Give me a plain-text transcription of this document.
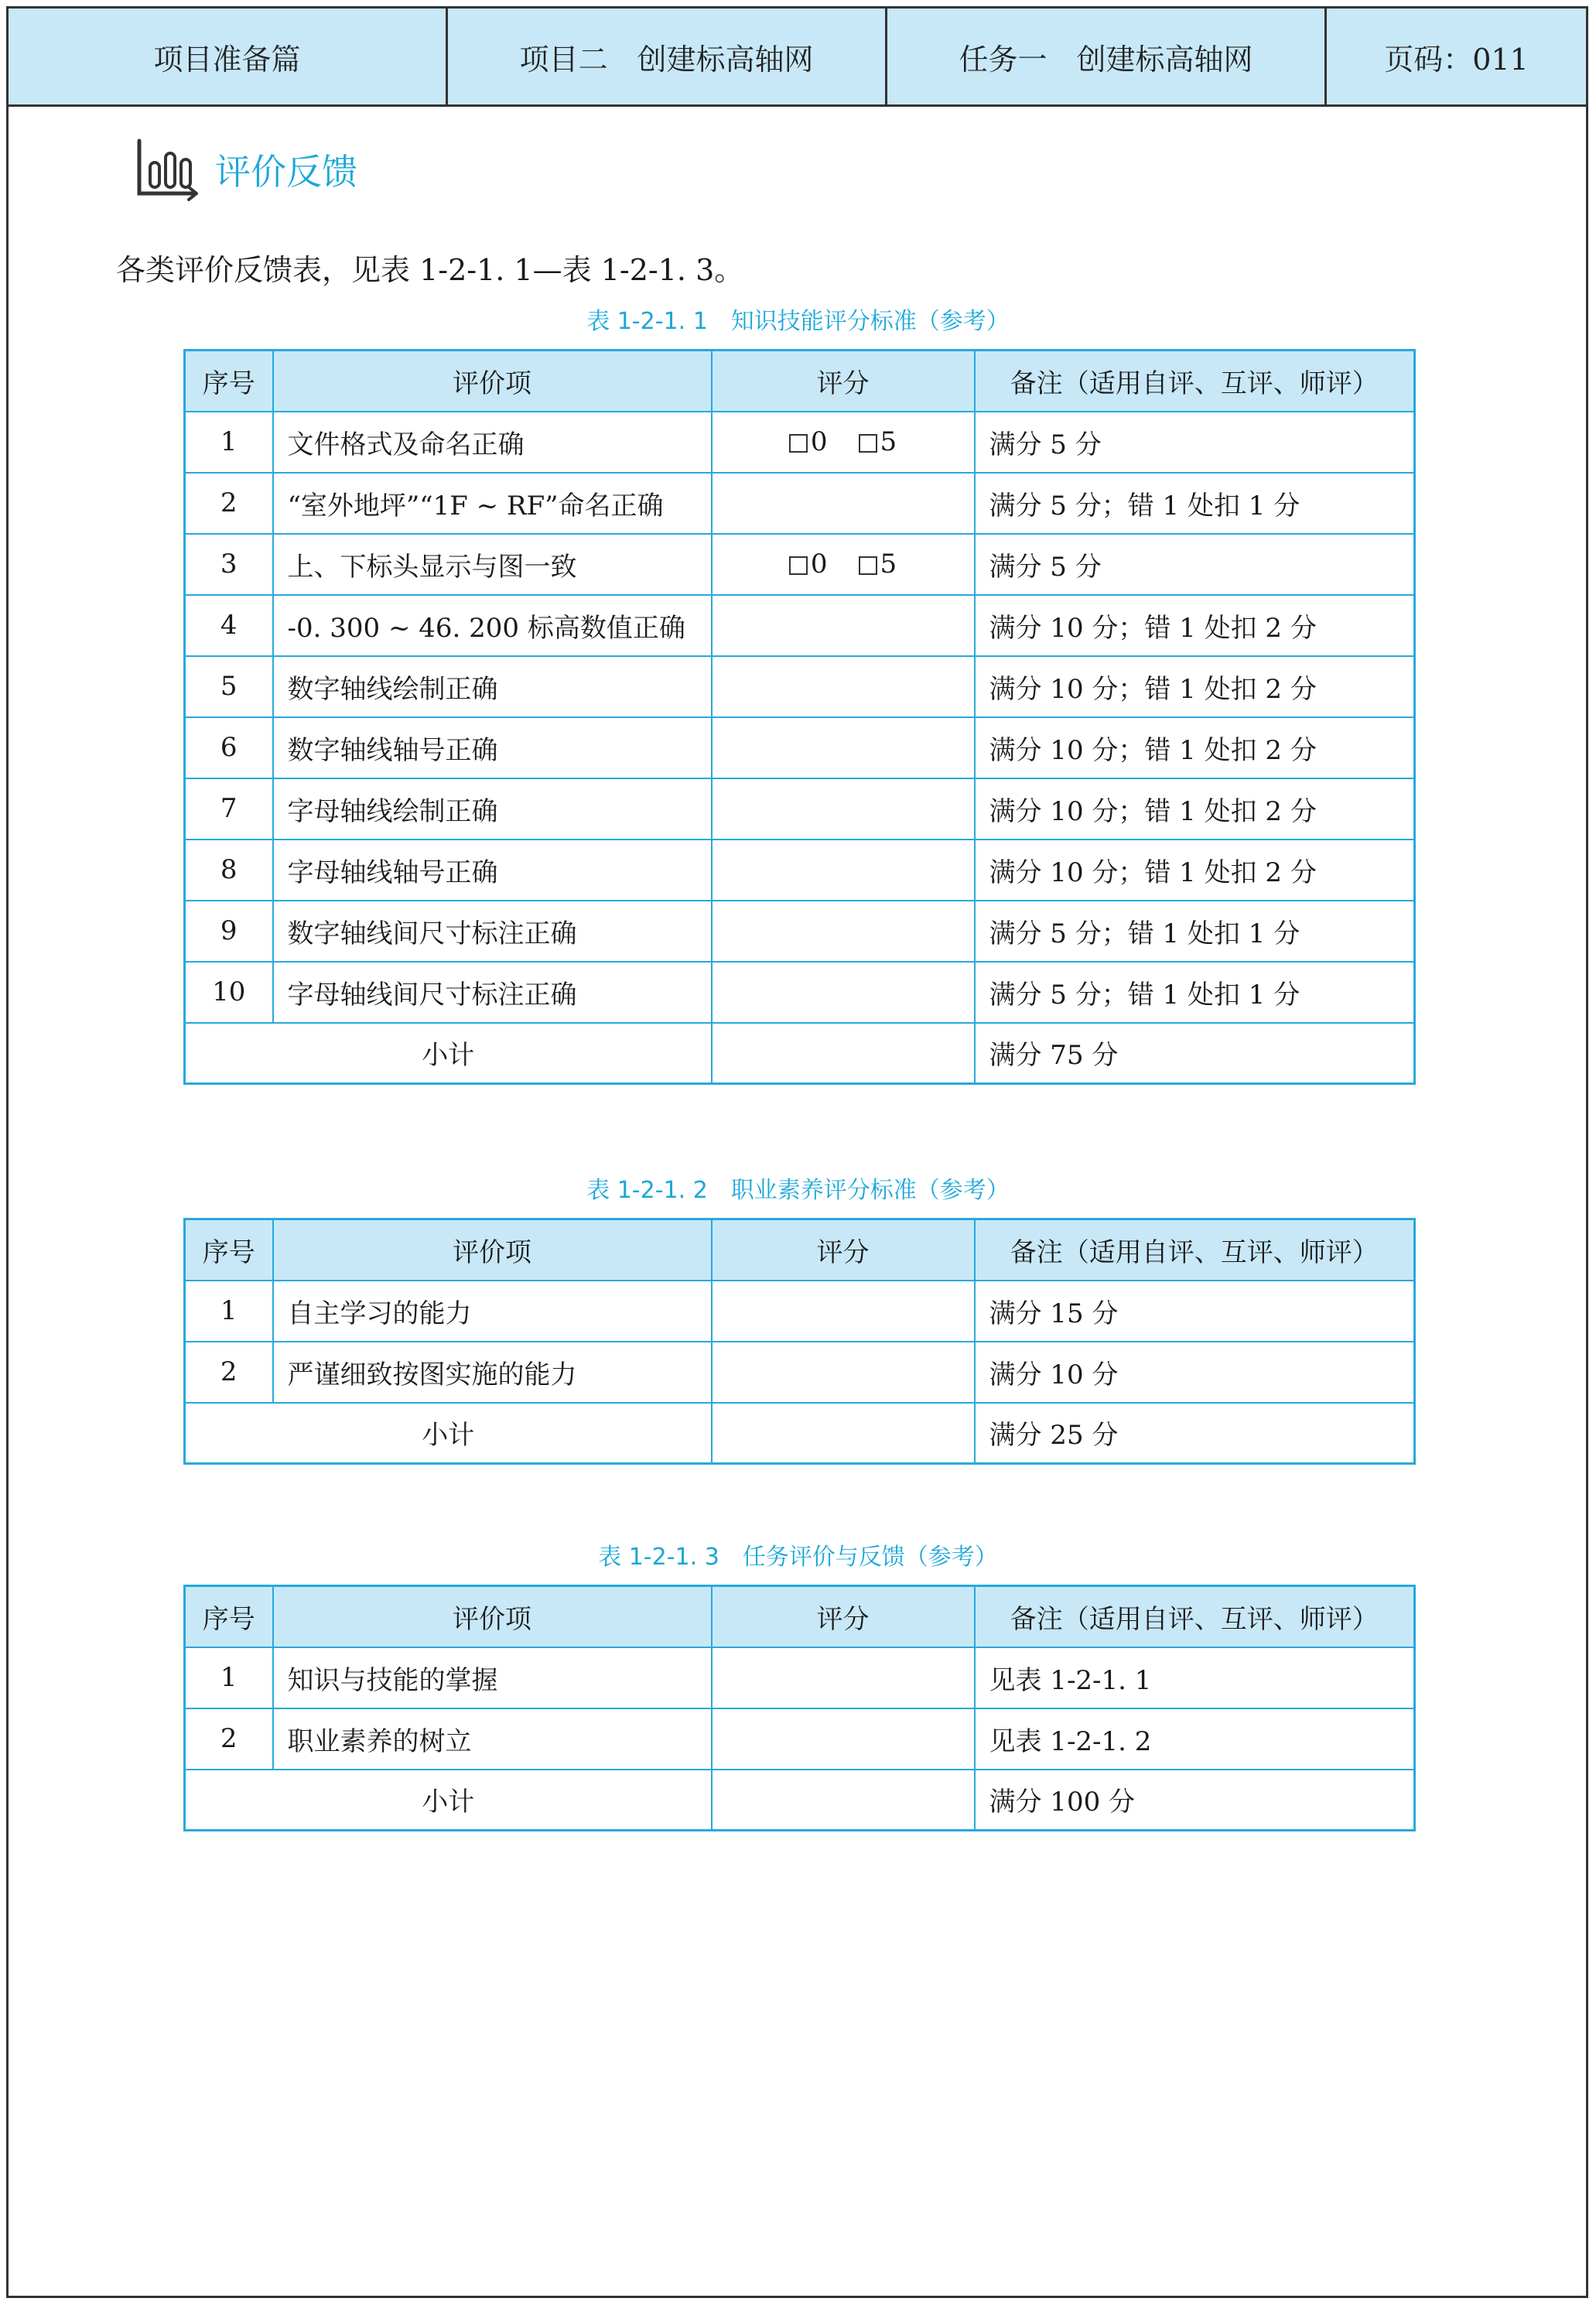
项目准备篇	项目二　创建标高轴网	任务一　创建标高轴网	页码：011
评价反馈
各类评价反馈表，见表 1-2-1. 1—表 1-2-1. 3。
表 1-2-1. 1　知识技能评分标准（参考）
序号	评价项	评分	备注（适用自评、互评、师评）
1	文件格式及命名正确	0 5	满分 5 分
2	“室外地坪”“1F ~ RF”命名正确		满分 5 分；错 1 处扣 1 分
3	上、下标头显示与图一致	0 5	满分 5 分
4	-0. 300 ~ 46. 200 标高数值正确		满分 10 分；错 1 处扣 2 分
5	数字轴线绘制正确		满分 10 分；错 1 处扣 2 分
6	数字轴线轴号正确		满分 10 分；错 1 处扣 2 分
7	字母轴线绘制正确		满分 10 分；错 1 处扣 2 分
8	字母轴线轴号正确		满分 10 分；错 1 处扣 2 分
9	数字轴线间尺寸标注正确		满分 5 分；错 1 处扣 1 分
10	字母轴线间尺寸标注正确		满分 5 分；错 1 处扣 1 分
小计			满分 75 分
表 1-2-1. 2　职业素养评分标准（参考）
序号	评价项	评分	备注（适用自评、互评、师评）
1	自主学习的能力		满分 15 分
2	严谨细致按图实施的能力		满分 10 分
小计			满分 25 分
表 1-2-1. 3　任务评价与反馈（参考）
序号	评价项	评分	备注（适用自评、互评、师评）
1	知识与技能的掌握		见表 1-2-1. 1
2	职业素养的树立		见表 1-2-1. 2
小计			满分 100 分
